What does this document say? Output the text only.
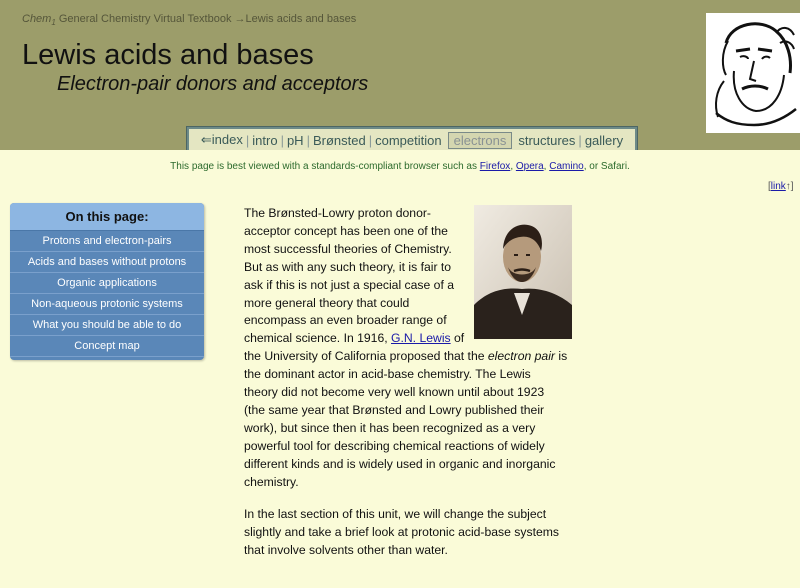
Chem$_1$ General Chemistry Virtual Textbook →Lewis acids and bases
Lewis acids and bases
Electron-pair donors and acceptors
⇐index | intro | pH | Brønsted | competition electrons structures | gallery
This page is best viewed with a standards-compliant browser such as Firefox, Opera, Camino, or Safari.
[link↑]
On this page:
Protons and electron-pairs
Acids and bases without protons
Organic applications
Non-aqueous protonic systems
What you should be able to do
Concept map
The Brønsted-Lowry proton donor-
acceptor concept has been one of the
most successful theories of Chemistry.
But as with any such theory, it is fair to
ask if this is not just a special case of a
more general theory that could
encompass an even broader range of
chemical science. In 1916, G.N. Lewis of
the University of California proposed that the electron pair is
the dominant actor in acid-base chemistry. The Lewis
theory did not become very well known until about 1923
(the same year that Brønsted and Lowry published their
work), but since then it has been recognized as a very
powerful tool for describing chemical reactions of widely
different kinds and is widely used in organic and inorganic
chemistry.
In the last section of this unit, we will change the subject
slightly and take a brief look at protonic acid-base systems
that involve solvents other than water.
